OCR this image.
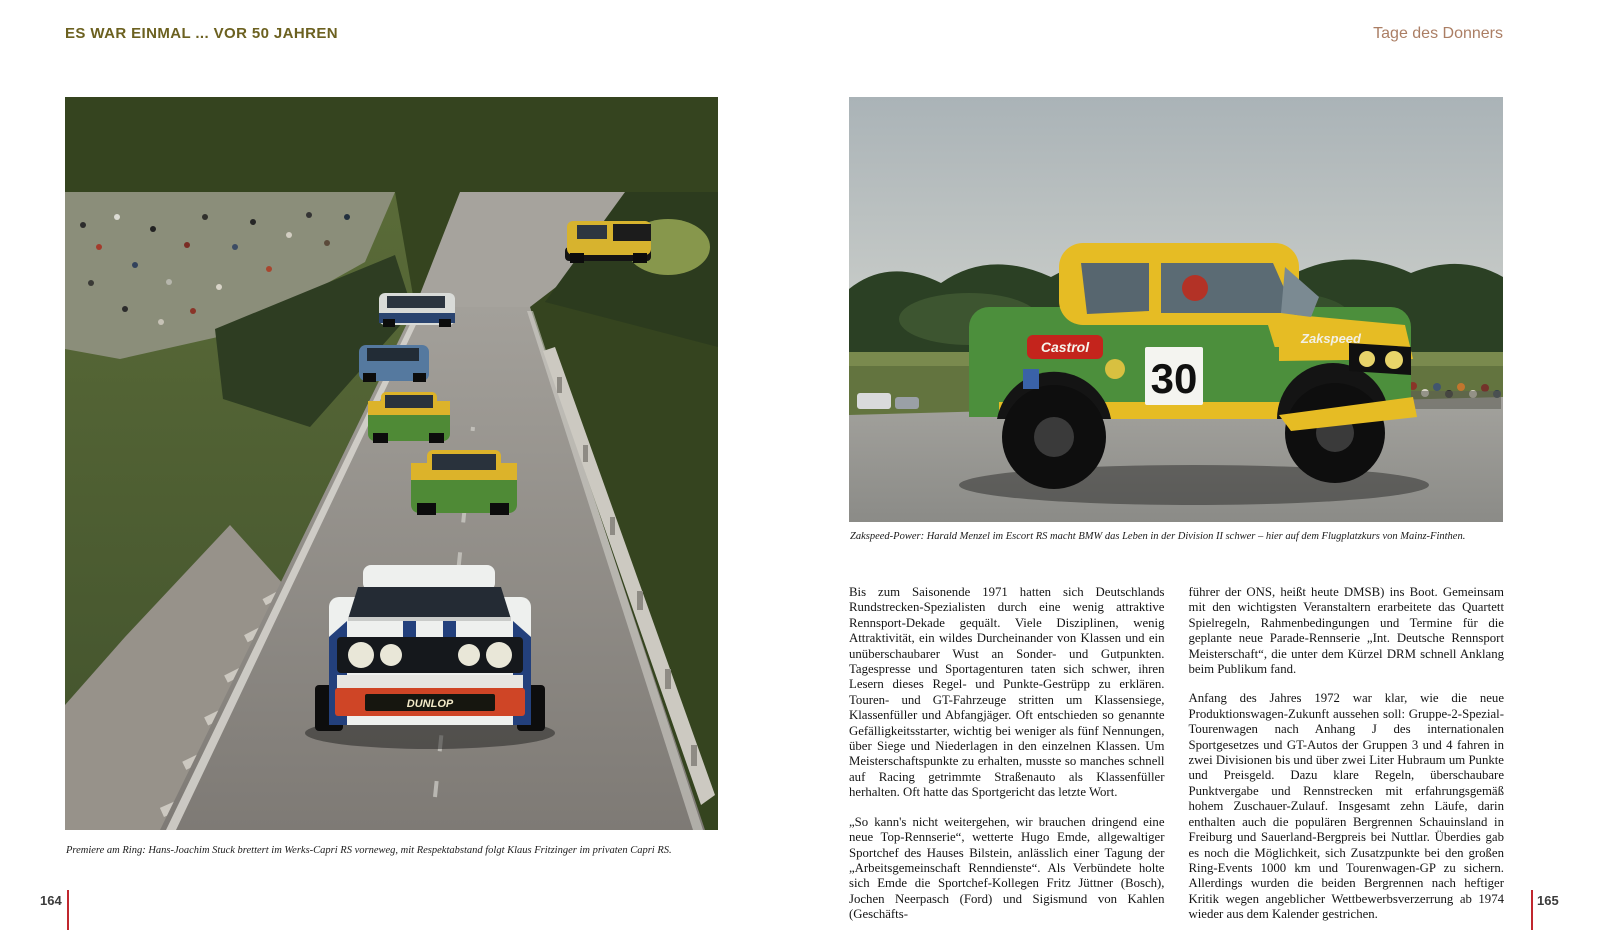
ES WAR EINMAL ... VOR 50 JAHREN	Tage des Donners
DUNLOP
30
Castrol
Zakspeed
Premiere am Ring: Hans-Joachim Stuck brettert im Werks-Capri RS vorneweg, mit Respektabstand folgt Klaus Fritzinger im privaten Capri RS.
Zakspeed-Power: Harald Menzel im Escort RS macht BMW das Leben in der Division II schwer – hier auf dem Flugplatzkurs von Mainz-Finthen.

Bis zum Saisonende 1971 hatten sich Deutschlands Rundstrecken-Spezialisten durch eine wenig attraktive Rennsport-Dekade gequält. Viele Disziplinen, wenig Attraktivität, ein wildes Durcheinander von Klassen und ein unüberschaubarer Wust an Sonder- und Gutpunkten. Tagespresse und Sportagenturen taten sich schwer, ihren Lesern dieses Regel- und Punkte-Gestrüpp zu erklären. Touren- und GT-Fahrzeuge stritten um Klassensiege, Klassenfüller und Abfangjäger. Oft entschieden so genannte Gefälligkeitsstarter, wichtig bei weniger als fünf Nennungen, über Siege und Niederlagen in den einzelnen Klassen. Um Meisterschaftspunkte zu erhalten, musste so manches schnell auf Racing getrimmte Straßenauto als Klassenfüller herhalten. Oft hatte das Sportgericht das letzte Wort.

„So kann's nicht weitergehen, wir brauchen dringend eine neue Top-Rennserie“, wetterte Hugo Emde, allgewaltiger Sportchef des Hauses Bilstein, anlässlich einer Tagung der „Arbeitsgemeinschaft Renndienste“. Als Verbündete holte sich Emde die Sportchef-Kollegen Fritz Jüttner (Bosch), Jochen Neerpasch (Ford) und Sigismund von Kahlen (Geschäfts-

führer der ONS, heißt heute DMSB) ins Boot. Gemeinsam mit den wichtigsten Veranstaltern erarbeitete das Quartett Spielregeln, Rahmenbedingungen und Termine für die geplante neue Parade-Rennserie „Int. Deutsche Rennsport Meisterschaft“, die unter dem Kürzel DRM schnell Anklang beim Publikum fand.

Anfang des Jahres 1972 war klar, wie die neue Produktionswagen-Zukunft aussehen soll: Gruppe-2-Spezial-Tourenwagen nach Anhang J des internationalen Sportgesetzes und GT-Autos der Gruppen 3 und 4 fahren in zwei Divisionen bis und über zwei Liter Hubraum um Punkte und Preisgeld. Dazu klare Regeln, überschaubare Punktvergabe und Rennstrecken mit erfahrungsgemäß hohem Zuschauer-Zulauf. Insgesamt zehn Läufe, darin enthalten auch die populären Bergrennen Schauinsland in Freiburg und Sauerland-Bergpreis bei Nuttlar. Überdies gab es noch die Möglichkeit, sich Zusatzpunkte bei den großen Ring-Events 1000 km und Tourenwagen-GP zu sichern. Allerdings wurden die beiden Bergrennen nach heftiger Kritik wegen angeblicher Wettbewerbsverzerrung ab 1974 wieder aus dem Kalender gestrichen.

164	165
